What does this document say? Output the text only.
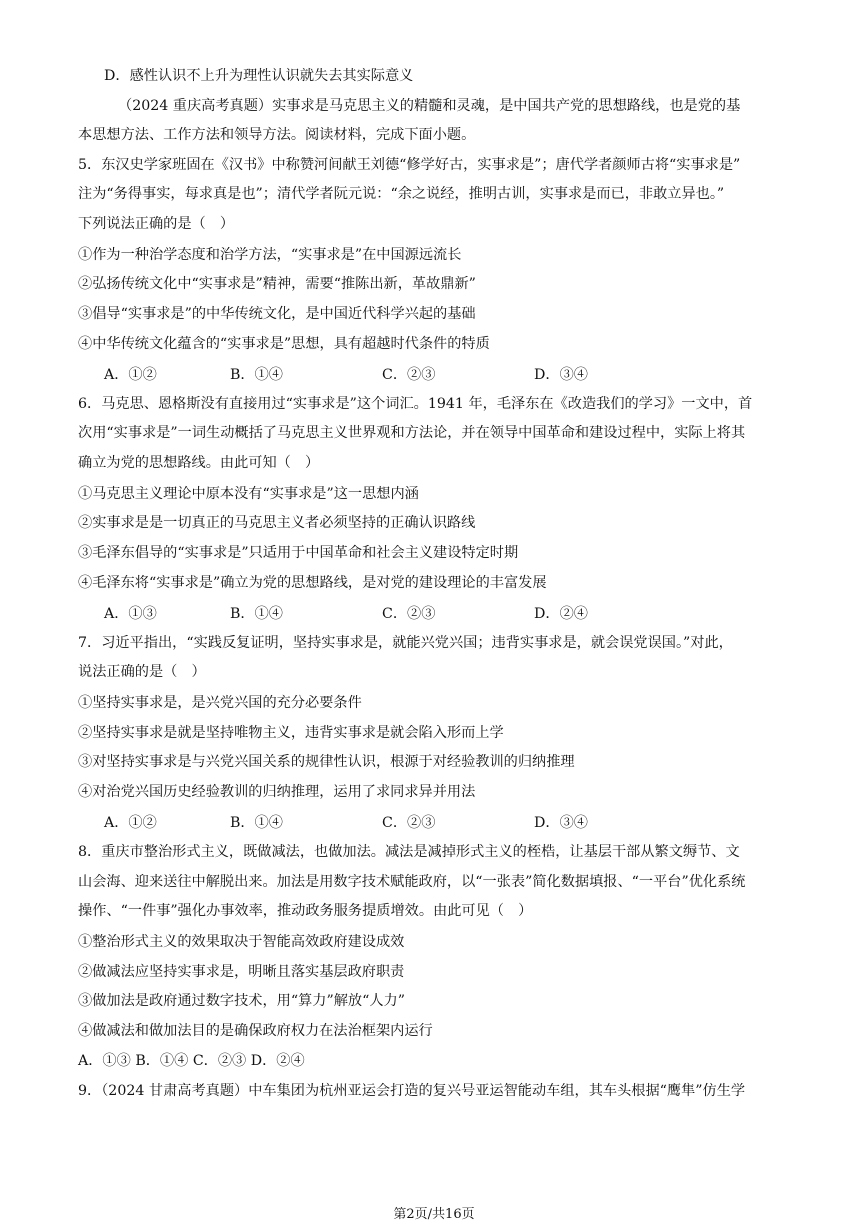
D．感性认识不上升为理性认识就失去其实际意义
（2024 重庆高考真题）实事求是马克思主义的精髓和灵魂，是中国共产党的思想路线，也是党的基
本思想方法、工作方法和领导方法。阅读材料，完成下面小题。
5．东汉史学家班固在《汉书》中称赞河间献王刘德“修学好古，实事求是”；唐代学者颜师古将“实事求是”
注为“务得事实，每求真是也”；清代学者阮元说：“余之说经，推明古训，实事求是而已，非敢立异也。”
下列说法正确的是（　）
①作为一种治学态度和治学方法，“实事求是”在中国源远流长
②弘扬传统文化中“实事求是”精神，需要“推陈出新，革故鼎新”
③倡导“实事求是”的中华传统文化，是中国近代科学兴起的基础
④中华传统文化蕴含的“实事求是”思想，具有超越时代条件的特质
A．①②	B．①④	C．②③	D．③④
6．马克思、恩格斯没有直接用过“实事求是”这个词汇。1941 年，毛泽东在《改造我们的学习》一文中，首
次用“实事求是”一词生动概括了马克思主义世界观和方法论，并在领导中国革命和建设过程中，实际上将其
确立为党的思想路线。由此可知（　）
①马克思主义理论中原本没有“实事求是”这一思想内涵
②实事求是是一切真正的马克思主义者必须坚持的正确认识路线
③毛泽东倡导的“实事求是”只适用于中国革命和社会主义建设特定时期
④毛泽东将“实事求是”确立为党的思想路线，是对党的建设理论的丰富发展
A．①③	B．①④	C．②③	D．②④
7．习近平指出，“实践反复证明，坚持实事求是，就能兴党兴国；违背实事求是，就会误党误国。”对此，
说法正确的是（　）
①坚持实事求是，是兴党兴国的充分必要条件
②坚持实事求是就是坚持唯物主义，违背实事求是就会陷入形而上学
③对坚持实事求是与兴党兴国关系的规律性认识，根源于对经验教训的归纳推理
④对治党兴国历史经验教训的归纳推理，运用了求同求异并用法
A．①②	B．①④	C．②③	D．③④
8．重庆市整治形式主义，既做减法，也做加法。减法是减掉形式主义的桎梏，让基层干部从繁文缛节、文
山会海、迎来送往中解脱出来。加法是用数字技术赋能政府，以“一张表”简化数据填报、“一平台”优化系统
操作、“一件事”强化办事效率，推动政务服务提质增效。由此可见（　）
①整治形式主义的效果取决于智能高效政府建设成效
②做减法应坚持实事求是，明晰且落实基层政府职责
③做加法是政府通过数字技术，用“算力”解放“人力”
④做减法和做加法目的是确保政府权力在法治框架内运行
A．①③ B．①④ C．②③ D．②④
9．（2024 甘肃高考真题）中车集团为杭州亚运会打造的复兴号亚运智能动车组，其车头根据“鹰隼”仿生学
第2页/共16页
